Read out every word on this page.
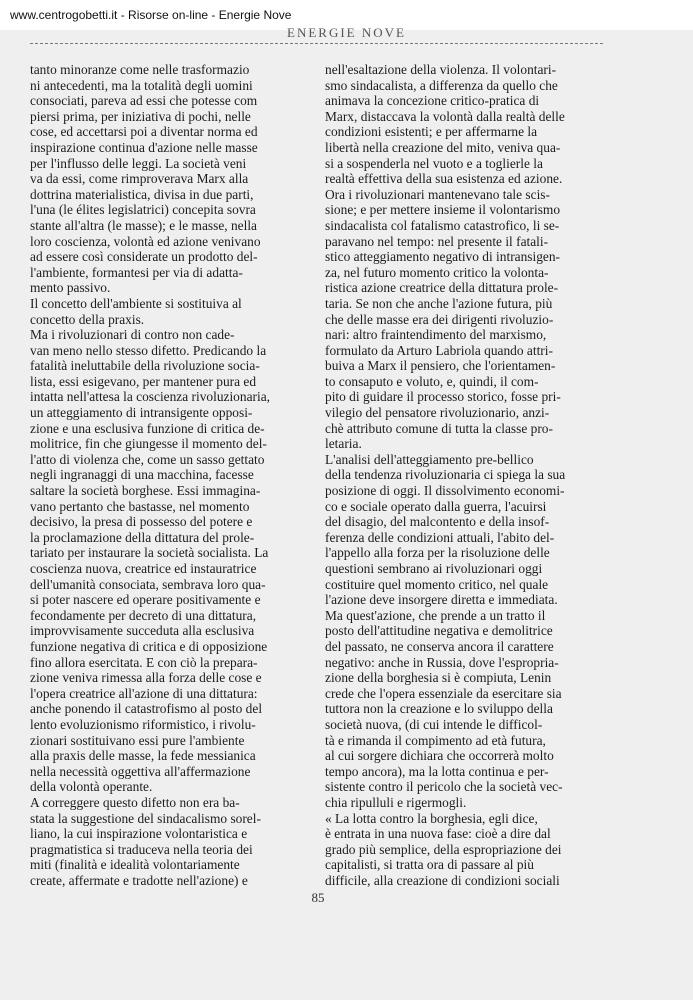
www.centrogobetti.it - Risorse on-line - Energie Nove
ENERGIE NOVE
tanto minoranze come nelle trasformazio
ni antecedenti, ma la totalità degli uomini
consociati, pareva ad essi che potesse com
piersi prima, per iniziativa di pochi, nelle
cose, ed accettarsi poi a diventar norma ed
inspirazione continua d'azione nelle masse
per l'influsso delle leggi. La società veni
va da essi, come rimproverava Marx alla
dottrina materialistica, divisa in due parti,
l'una (le élites legislatrici) concepita sovra
stante all'altra (le masse); e le masse, nella
loro coscienza, volontà ed azione venivano
ad essere così considerate un prodotto del-
l'ambiente, formantesi per via di adatta-
mento passivo.
Il concetto dell'ambiente si sostituiva al
concetto della praxis.
Ma i rivoluzionari di contro non cade-
van meno nello stesso difetto. Predicando la
fatalità ineluttabile della rivoluzione socia-
lista, essi esigevano, per mantener pura ed
intatta nell'attesa la coscienza rivoluzionaria,
un atteggiamento di intransigente opposi-
zione e una esclusiva funzione di critica de-
molitrice, fin che giungesse il momento del-
l'atto di violenza che, come un sasso gettato
negli ingranaggi di una macchina, facesse
saltare la società borghese. Essi immagina-
vano pertanto che bastasse, nel momento
decisivo, la presa di possesso del potere e
la proclamazione della dittatura del prole-
tariato per instaurare la società socialista. La
coscienza nuova, creatrice ed instauratrice
dell'umanità consociata, sembrava loro qua-
si poter nascere ed operare positivamente e
fecondamente per decreto di una dittatura,
improvvisamente succeduta alla esclusiva
funzione negativa di critica e di opposizione
fino allora esercitata. E con ciò la prepara-
zione veniva rimessa alla forza delle cose e
l'opera creatrice all'azione di una dittatura:
anche ponendo il catastrofismo al posto del
lento evoluzionismo riformistico, i rivolu-
zionari sostituivano essi pure l'ambiente
alla praxis delle masse, la fede messianica
nella necessità oggettiva all'affermazione
della volontà operante.
A correggere questo difetto non era ba-
stata la suggestione del sindacalismo sorel-
liano, la cui inspirazione volontaristica e
pragmatistica si traduceva nella teoria dei
miti (finalità e idealità volontariamente
create, affermate e tradotte nell'azione) e
nell'esaltazione della violenza. Il volontari-
smo sindacalista, a differenza da quello che
animava la concezione critico-pratica di
Marx, distaccava la volontà dalla realtà delle
condizioni esistenti; e per affermarne la
libertà nella creazione del mito, veniva qua-
si a sospenderla nel vuoto e a toglierle la
realtà effettiva della sua esistenza ed azione.
Ora i rivoluzionari mantenevano tale scis-
sione; e per mettere insieme il volontarismo
sindacalista col fatalismo catastrofico, li se-
paravano nel tempo: nel presente il fatali-
stico atteggiamento negativo di intransigen-
za, nel futuro momento critico la volonta-
ristica azione creatrice della dittatura prole-
taria. Se non che anche l'azione futura, più
che delle masse era dei dirigenti rivoluzio-
nari: altro fraintendimento del marxismo,
formulato da Arturo Labriola quando attri-
buiva a Marx il pensiero, che l'orientamen-
to consaputo e voluto, e, quindi, il com-
pito di guidare il processo storico, fosse pri-
vilegio del pensatore rivoluzionario, anzi-
chè attributo comune di tutta la classe pro-
letaria.
L'analisi dell'atteggiamento pre-bellico
della tendenza rivoluzionaria ci spiega la sua
posizione di oggi. Il dissolvimento economi-
co e sociale operato dalla guerra, l'acuirsi
del disagio, del malcontento e della insof-
ferenza delle condizioni attuali, l'abito del-
l'appello alla forza per la risoluzione delle
questioni sembrano ai rivoluzionari oggi
costituire quel momento critico, nel quale
l'azione deve insorgere diretta e immediata.
Ma quest'azione, che prende a un tratto il
posto dell'attitudine negativa e demolitrice
del passato, ne conserva ancora il carattere
negativo: anche in Russia, dove l'espropria-
zione della borghesia si è compiuta, Lenin
crede che l'opera essenziale da esercitare sia
tuttora non la creazione e lo sviluppo della
società nuova, (di cui intende le difficol-
tà e rimanda il compimento ad età futura,
al cui sorgere dichiara che occorrerà molto
tempo ancora), ma la lotta continua e per-
sistente contro il pericolo che la società vec-
chia ripulluli e rigermogli.
« La lotta contro la borghesia, egli dice,
è entrata in una nuova fase: cioè a dire dal
grado più semplice, della espropriazione dei
capitalisti, si tratta ora di passare al più
difficile, alla creazione di condizioni sociali
85
